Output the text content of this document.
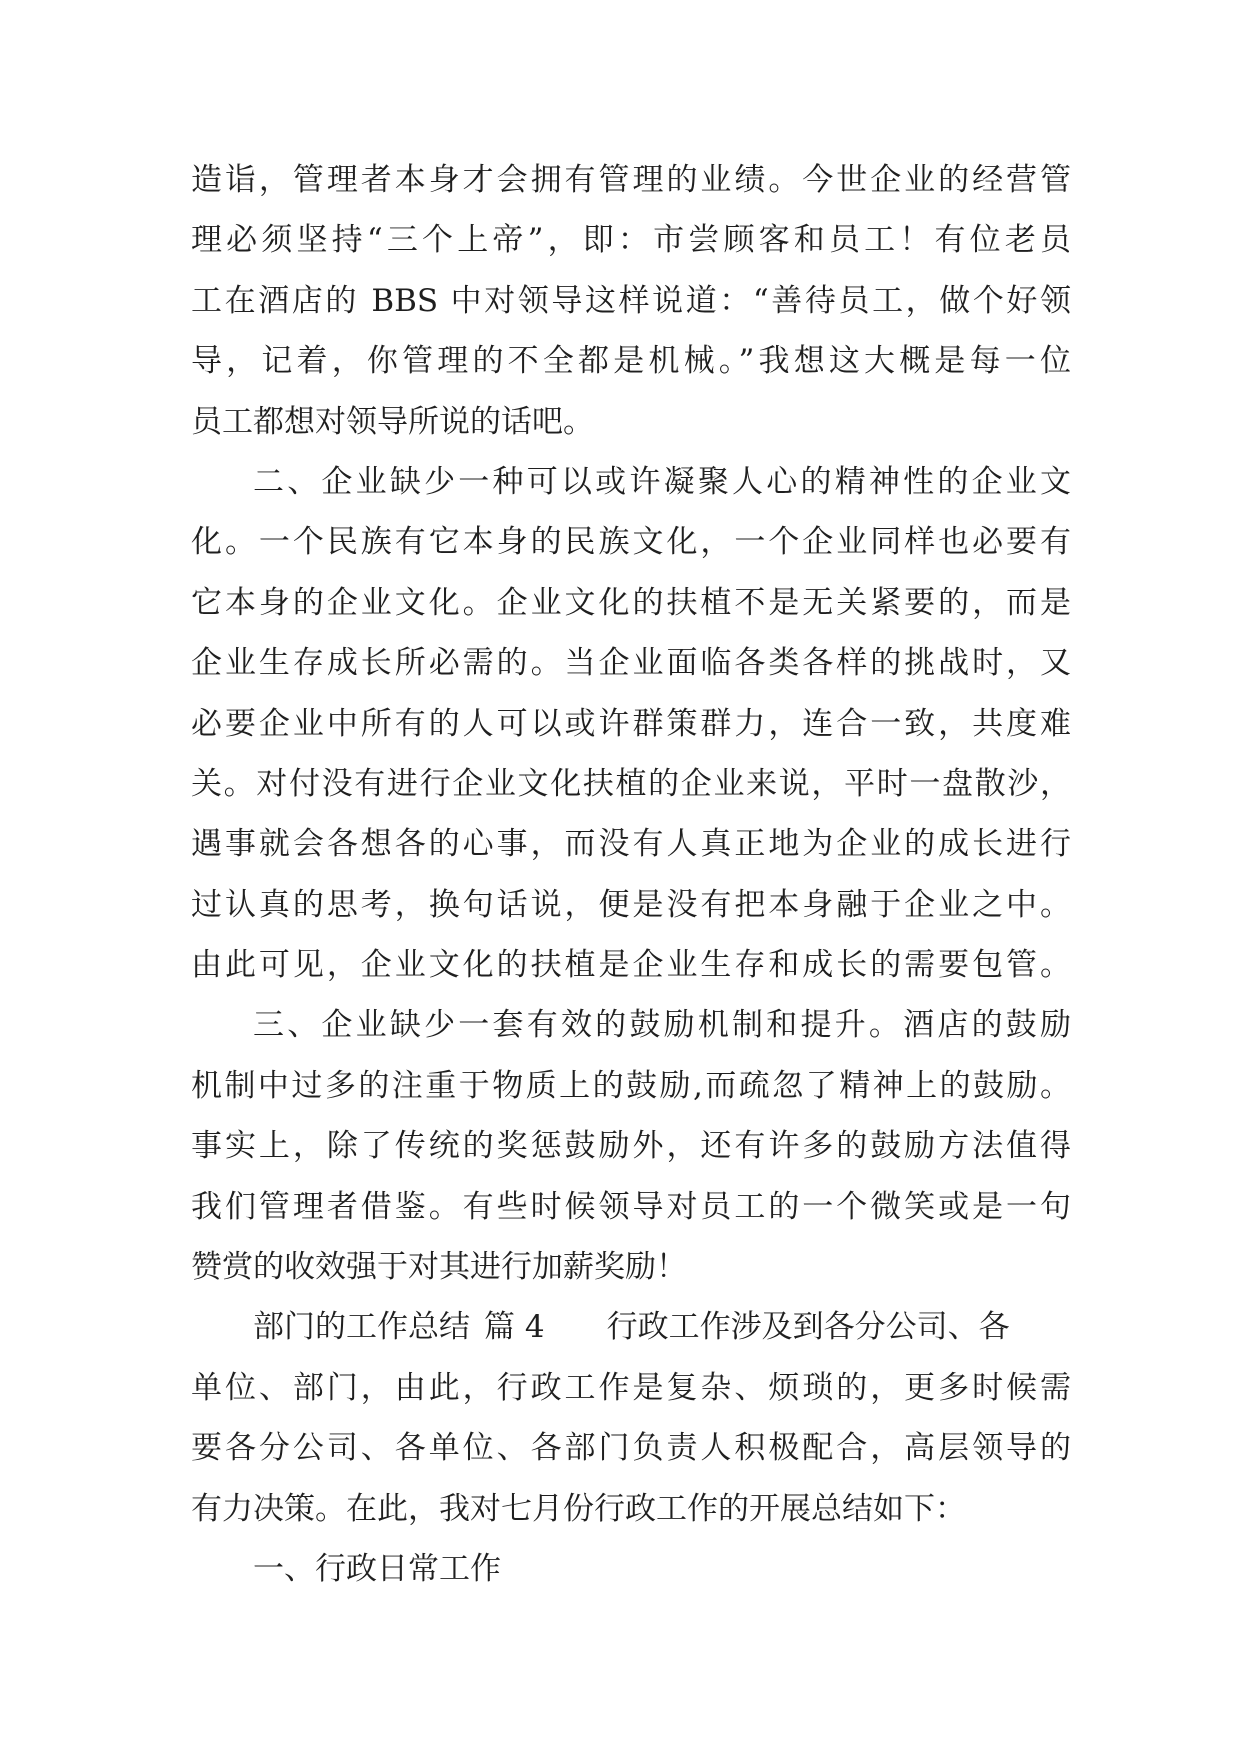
造诣，管理者本身才会拥有管理的业绩。今世企业的经营管
理必须坚持“三个上帝”，即：市尝顾客和员工！有位老员
工在酒店的 BBS 中对领导这样说道：“善待员工，做个好领
导，记着，你管理的不全都是机械。”我想这大概是每一位
员工都想对领导所说的话吧。
二、企业缺少一种可以或许凝聚人心的精神性的企业文
化。一个民族有它本身的民族文化，一个企业同样也必要有
它本身的企业文化。企业文化的扶植不是无关紧要的，而是
企业生存成长所必需的。当企业面临各类各样的挑战时，又
必要企业中所有的人可以或许群策群力，连合一致，共度难
关。对付没有进行企业文化扶植的企业来说，平时一盘散沙，
遇事就会各想各的心事，而没有人真正地为企业的成长进行
过认真的思考，换句话说，便是没有把本身融于企业之中。
由此可见，企业文化的扶植是企业生存和成长的需要包管。
三、企业缺少一套有效的鼓励机制和提升。酒店的鼓励
机制中过多的注重于物质上的鼓励,而疏忽了精神上的鼓励。
事实上，除了传统的奖惩鼓励外，还有许多的鼓励方法值得
我们管理者借鉴。有些时候领导对员工的一个微笑或是一句
赞赏的收效强于对其进行加薪奖励！
部门的工作总结 篇 4 行政工作涉及到各分公司、各
单位、部门，由此，行政工作是复杂、烦琐的，更多时候需
要各分公司、各单位、各部门负责人积极配合，高层领导的
有力决策。在此，我对七月份行政工作的开展总结如下：
一、行政日常工作
